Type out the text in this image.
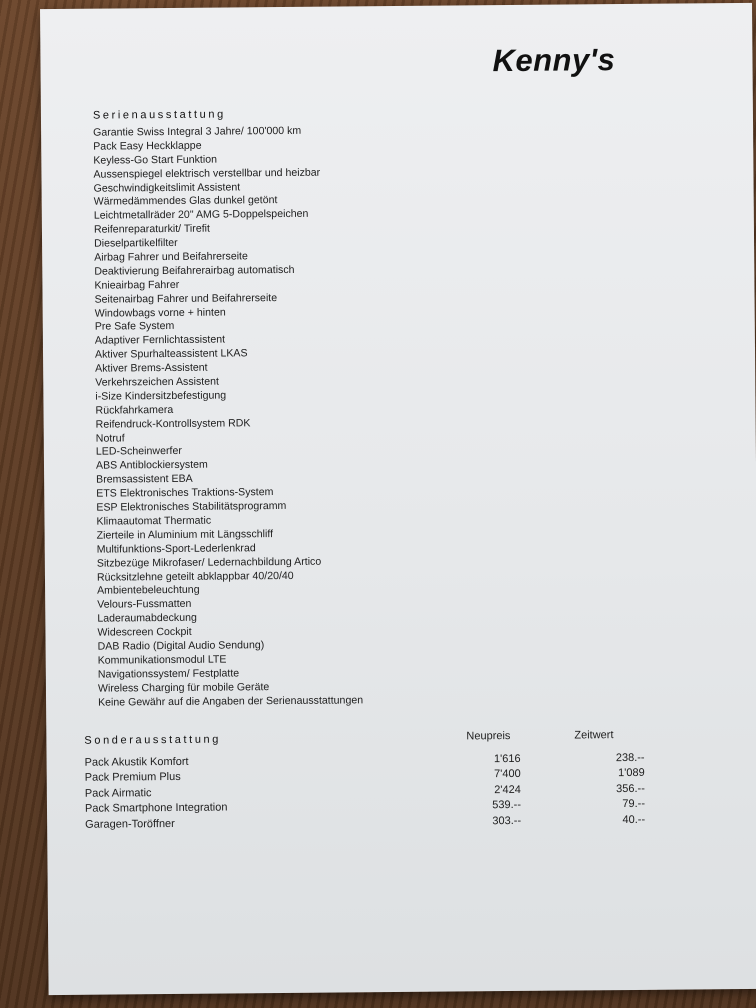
Kenny's
Serienausstattung
Garantie Swiss Integral 3 Jahre/ 100'000 km
Pack Easy Heckklappe
Keyless-Go Start Funktion
Aussenspiegel elektrisch verstellbar und heizbar
Geschwindigkeitslimit Assistent
Wärmedämmendes Glas dunkel getönt
Leichtmetallräder 20" AMG 5-Doppelspeichen
Reifenreparaturkit/ Tirefit
Dieselpartikelfilter
Airbag Fahrer und Beifahrerseite
Deaktivierung Beifahrerairbag automatisch
Knieairbag Fahrer
Seitenairbag Fahrer und Beifahrerseite
Windowbags vorne + hinten
Pre Safe System
Adaptiver Fernlichtassistent
Aktiver Spurhalteassistent LKAS
Aktiver Brems-Assistent
Verkehrszeichen Assistent
i-Size Kindersitzbefestigung
Rückfahrkamera
Reifendruck-Kontrollsystem RDK
Notruf
LED-Scheinwerfer
ABS Antiblockiersystem
Bremsassistent EBA
ETS Elektronisches Traktions-System
ESP Elektronisches Stabilitätsprogramm
Klimaautomat Thermatic
Zierteile in Aluminium mit Längsschliff
Multifunktions-Sport-Lederlenkrad
Sitzbezüge Mikrofaser/ Ledernachbildung Artico
Rücksitzlehne geteilt abklappbar 40/20/40
Ambientebeleuchtung
Velours-Fussmatten
Laderaumabdeckung
Widescreen Cockpit
DAB Radio (Digital Audio Sendung)
Kommunikationsmodul LTE
Navigationssystem/ Festplatte
Wireless Charging für mobile Geräte
Keine Gewähr auf die Angaben der Serienausstattungen
Sonderausstattung	Neupreis	Zeitwert
Pack Akustik Komfort	1'616	238.--
Pack Premium Plus	7'400	1'089
Pack Airmatic	2'424	356.--
Pack Smartphone Integration	539.--	79.--
Garagen-Toröffner	303.--	40.--
